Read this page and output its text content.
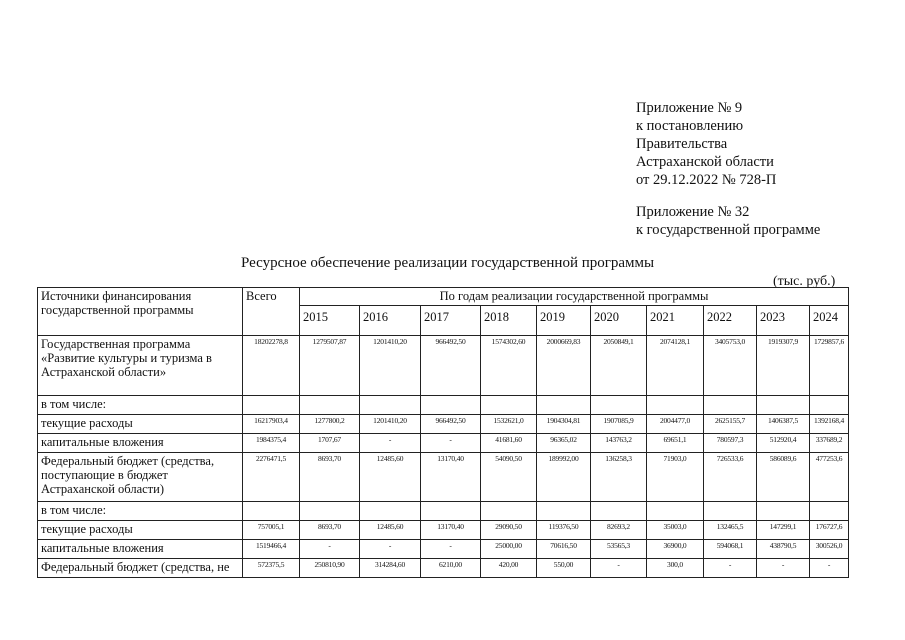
Приложение № 9
к постановлению
Правительства
Астраханской области
от 29.12.2022 № 728-П
Приложение № 32
к государственной программе
Ресурсное обеспечение реализации государственной программы
(тыс. руб.)
Источники финансирования государственной программы	Всего	По годам реализации государственной программы									
		2015	2016	2017	2018	2019	2020	2021	2022	2023	2024
Государственная программа «Развитие культуры и туризма в Астраханской области»	18202278,8	1279507,87	1201410,20	966492,50	1574302,60	2000669,83	2050849,1	2074128,1	3405753,0	1919307,9	1729857,6
в том числе:											
текущие расходы	16217903,4	1277800,2	1201410,20	966492,50	1532621,0	1904304,81	1907085,9	2004477,0	2625155,7	1406387,5	1392168,4
капитальные вложения	1984375,4	1707,67	-	-	41681,60	96365,02	143763,2	69651,1	780597,3	512920,4	337689,2
Федеральный бюджет (средства, поступающие в бюджет Астраханской области)	2276471,5	8693,70	12485,60	13170,40	54090,50	189992,00	136258,3	71903,0	726533,6	586089,6	477253,6
в том числе:											
текущие расходы	757005,1	8693,70	12485,60	13170,40	29090,50	119376,50	82693,2	35003,0	132465,5	147299,1	176727,6
капитальные вложения	1519466,4	-	-	-	25000,00	70616,50	53565,3	36900,0	594068,1	438790,5	300526,0
Федеральный бюджет (средства, не	572375,5	250810,90	314284,60	6210,00	420,00	550,00	-	300,0	-	-	-
